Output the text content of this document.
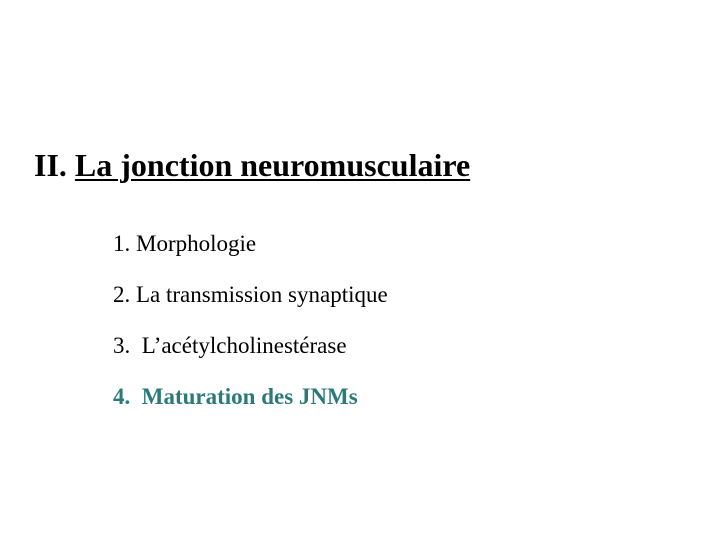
II. La jonction neuromusculaire
1. Morphologie
2. La transmission synaptique
3.  L’acétylcholinestérase
4.  Maturation des JNMs
